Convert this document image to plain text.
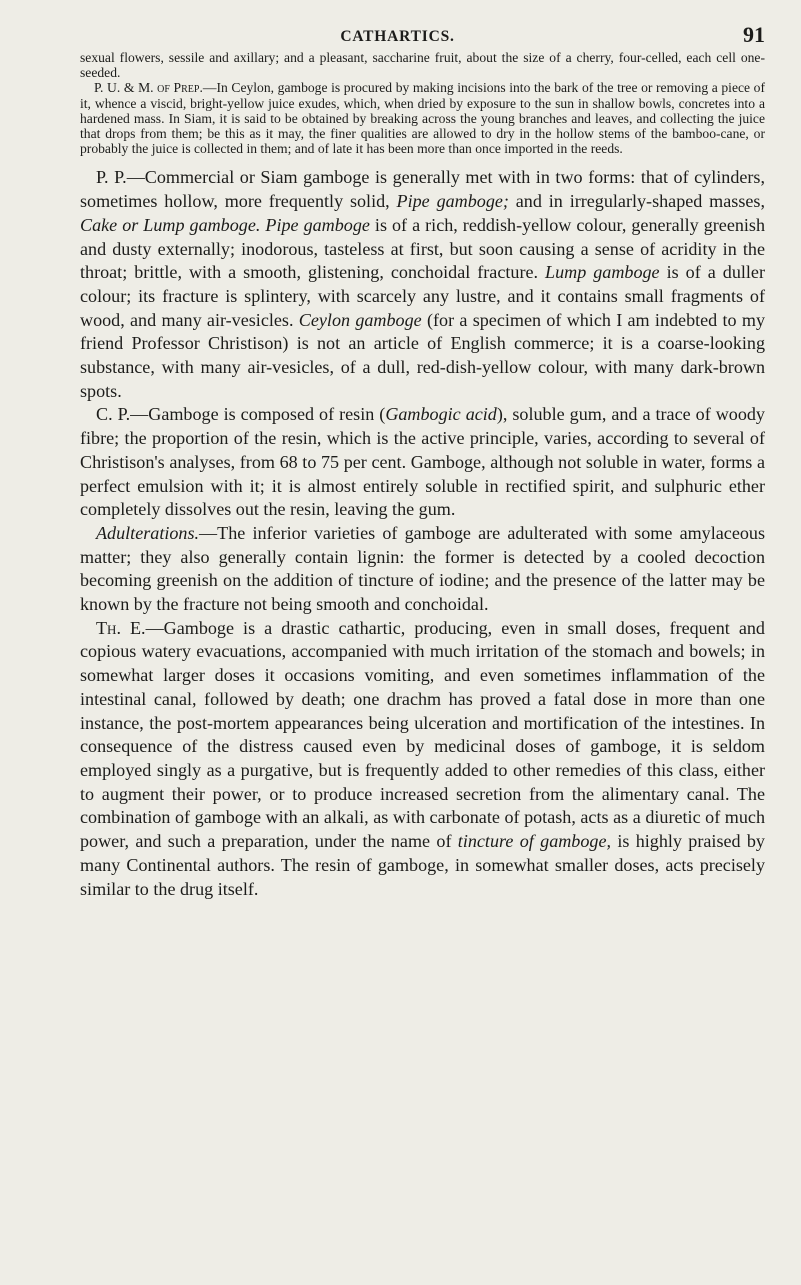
CATHARTICS.	91

sexual flowers, sessile and axillary; and a pleasant, saccharine fruit, about the size of a cherry, four-celled, each cell one-seeded.

P. U. & M. of Prep.—In Ceylon, gamboge is procured by making incisions into the bark of the tree or removing a piece of it, whence a viscid, bright-yellow juice exudes, which, when dried by exposure to the sun in shallow bowls, concretes into a hardened mass. In Siam, it is said to be obtained by breaking across the young branches and leaves, and collecting the juice that drops from them; be this as it may, the finer qualities are allowed to dry in the hollow stems of the bamboo-cane, or probably the juice is collected in them; and of late it has been more than once imported in the reeds.

P. P.—Commercial or Siam gamboge is generally met with in two forms: that of cylinders, sometimes hollow, more frequently solid, Pipe gamboge; and in irregularly-shaped masses, Cake or Lump gamboge. Pipe gamboge is of a rich, reddish-yellow colour, generally greenish and dusty externally; inodorous, tasteless at first, but soon causing a sense of acridity in the throat; brittle, with a smooth, glistening, conchoidal fracture. Lump gamboge is of a duller colour; its fracture is splintery, with scarcely any lustre, and it contains small fragments of wood, and many air-vesicles. Ceylon gamboge (for a specimen of which I am indebted to my friend Professor Christison) is not an article of English commerce; it is a coarse-looking substance, with many air-vesicles, of a dull, red-dish-yellow colour, with many dark-brown spots.

C. P.—Gamboge is composed of resin (Gambogic acid), soluble gum, and a trace of woody fibre; the proportion of the resin, which is the active principle, varies, according to several of Christison's analyses, from 68 to 75 per cent. Gamboge, although not soluble in water, forms a perfect emulsion with it; it is almost entirely soluble in rectified spirit, and sulphuric ether completely dissolves out the resin, leaving the gum.

Adulterations.—The inferior varieties of gamboge are adulterated with some amylaceous matter; they also generally contain lignin: the former is detected by a cooled decoction becoming greenish on the addition of tincture of iodine; and the presence of the latter may be known by the fracture not being smooth and conchoidal.

Th. E.—Gamboge is a drastic cathartic, producing, even in small doses, frequent and copious watery evacuations, accompanied with much irritation of the stomach and bowels; in somewhat larger doses it occasions vomiting, and even sometimes inflammation of the intestinal canal, followed by death; one drachm has proved a fatal dose in more than one instance, the post-mortem appearances being ulceration and mortification of the intestines. In consequence of the distress caused even by medicinal doses of gamboge, it is seldom employed singly as a purgative, but is frequently added to other remedies of this class, either to augment their power, or to produce increased secretion from the alimentary canal. The combination of gamboge with an alkali, as with carbonate of potash, acts as a diuretic of much power, and such a preparation, under the name of tincture of gamboge, is highly praised by many Continental authors. The resin of gamboge, in somewhat smaller doses, acts precisely similar to the drug itself.
